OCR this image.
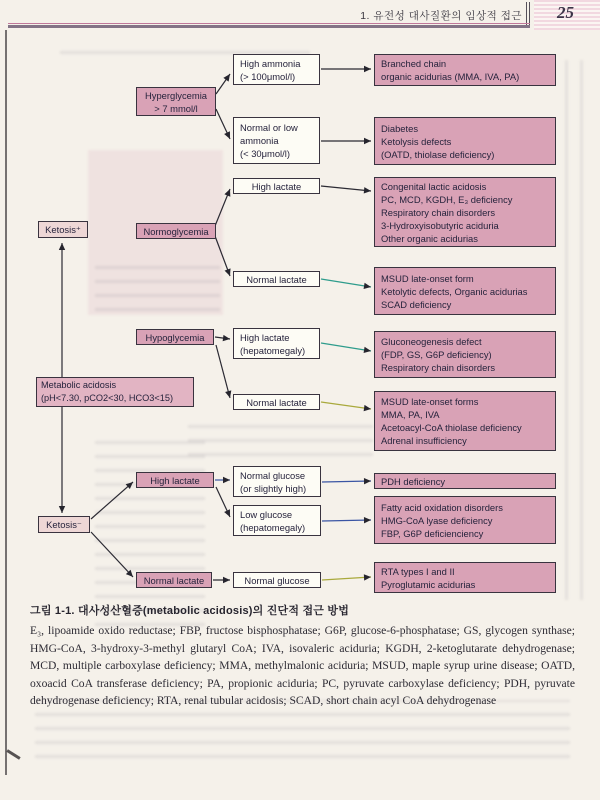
1. 유전성 대사질환의 임상적 접근 25
Ketosis⁺
Ketosis⁻
Metabolic acidosis
(pH<7.30, pCO2<30, HCO3<15)
Hyperglycemia
> 7 mmol/l
Normoglycemia
Hypoglycemia
High lactate
Normal lactate
High ammonia
(> 100μmol/l)
Normal or low
ammonia
(< 30μmol/l)
High lactate
Normal lactate
High lactate
(hepatomegaly)
Normal lactate
Normal glucose
(or slightly high)
Low glucose
(hepatomegaly)
Normal glucose
Branched chain
organic acidurias (MMA, IVA, PA)
Diabetes
Ketolysis defects
(OATD, thiolase deficiency)
Congenital lactic acidosis
PC, MCD, KGDH, E₃ deficiency
Respiratory chain disorders
3-Hydroxyisobutyric aciduria
Other organic acidurias
MSUD late-onset form
Ketolytic defects, Organic acidurias
SCAD deficiency
Gluconeogenesis defect
(FDP, GS, G6P deficiency)
Respiratory chain disorders
MSUD late-onset forms
MMA, PA, IVA
Acetoacyl-CoA thiolase deficiency
Adrenal insufficiency
PDH deficiency
Fatty acid oxidation disorders
HMG-CoA lyase deficiency
FBP, G6P deficienciency
RTA types I and II
Pyroglutamic acidurias
그림 1-1. 대사성산혈증(metabolic acidosis)의 진단적 접근 방법
E₃, lipoamide oxido reductase; FBP, fructose bisphosphatase; G6P, glucose-6-phosphatase; GS, glycogen synthase; HMG-CoA, 3-hydroxy-3-methyl glutaryl CoA; IVA, isovaleric aciduria; KGDH, 2-ketoglutarate dehydrogenase; MCD, multiple carboxylase deficiency; MMA, methylmalonic aciduria; MSUD, maple syrup urine disease; OATD, oxoacid CoA transferase deficiency; PA, propionic aciduria; PC, pyruvate carboxylase deficiency; PDH, pyruvate dehydrogenase deficiency; RTA, renal tubular acidosis; SCAD, short chain acyl CoA dehydrogenase
